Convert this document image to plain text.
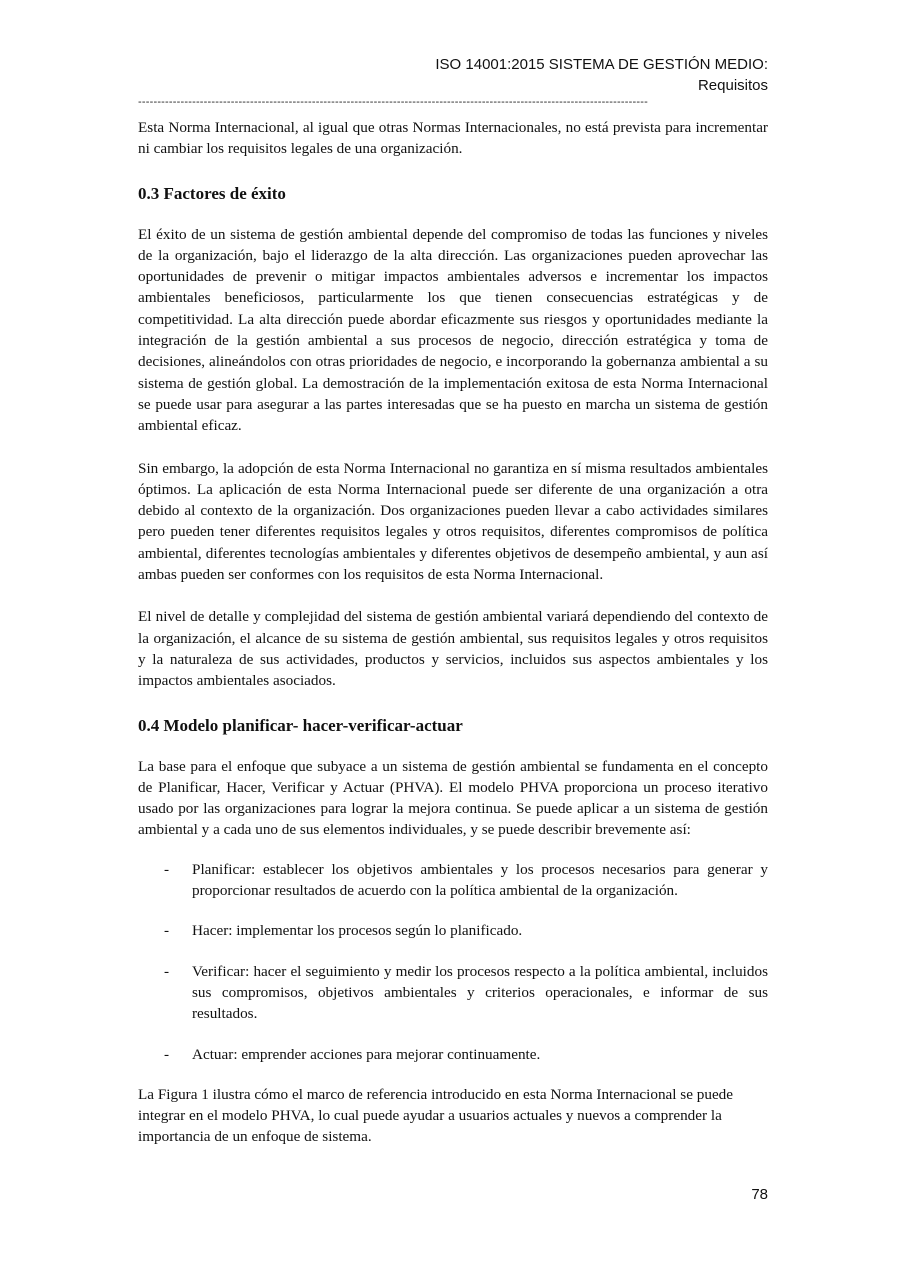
ISO 14001:2015 SISTEMA DE GESTIÓN MEDIO:
Requisitos
------------------------------------------------------------------------------------------------------------------------------------

Esta Norma Internacional, al igual que otras Normas Internacionales, no está prevista para incrementar ni cambiar los requisitos legales de una organización.

0.3 Factores de éxito

El éxito de un sistema de gestión ambiental depende del compromiso de todas las funciones y niveles de la organización, bajo el liderazgo de la alta dirección. Las organizaciones pueden aprovechar las oportunidades de prevenir o mitigar impactos ambientales adversos e incrementar los impactos ambientales beneficiosos, particularmente los que tienen consecuencias estratégicas y de competitividad. La alta dirección puede abordar eficazmente sus riesgos y oportunidades mediante la integración de la gestión ambiental a sus procesos de negocio, dirección estratégica y toma de decisiones, alineándolos con otras prioridades de negocio, e incorporando la gobernanza ambiental a su sistema de gestión global. La demostración de la implementación exitosa de esta Norma Internacional se puede usar para asegurar a las partes interesadas que se ha puesto en marcha un sistema de gestión ambiental eficaz.

Sin embargo, la adopción de esta Norma Internacional no garantiza en sí misma resultados ambientales óptimos. La aplicación de esta Norma Internacional puede ser diferente de una organización a otra debido al contexto de la organización. Dos organizaciones pueden llevar a cabo actividades similares pero pueden tener diferentes requisitos legales y otros requisitos, diferentes compromisos de política ambiental, diferentes tecnologías ambientales y diferentes objetivos de desempeño ambiental, y aun así ambas pueden ser conformes con los requisitos de esta Norma Internacional.

El nivel de detalle y complejidad del sistema de gestión ambiental variará dependiendo del contexto de la organización, el alcance de su sistema de gestión ambiental, sus requisitos legales y otros requisitos y la naturaleza de sus actividades, productos y servicios, incluidos sus aspectos ambientales y los impactos ambientales asociados.

0.4 Modelo planificar- hacer-verificar-actuar

La base para el enfoque que subyace a un sistema de gestión ambiental se fundamenta en el concepto de Planificar, Hacer, Verificar y Actuar (PHVA). El modelo PHVA proporciona un proceso iterativo usado por las organizaciones para lograr la mejora continua. Se puede aplicar a un sistema de gestión ambiental y a cada uno de sus elementos individuales, y se puede describir brevemente así:

- Planificar: establecer los objetivos ambientales y los procesos necesarios para generar y proporcionar resultados de acuerdo con la política ambiental de la organización.
- Hacer: implementar los procesos según lo planificado.
- Verificar: hacer el seguimiento y medir los procesos respecto a la política ambiental, incluidos sus compromisos, objetivos ambientales y criterios operacionales, e informar de sus resultados.
- Actuar: emprender acciones para mejorar continuamente.

La Figura 1 ilustra cómo el marco de referencia introducido en esta Norma Internacional se puede integrar en el modelo PHVA, lo cual puede ayudar a usuarios actuales y nuevos a comprender la importancia de un enfoque de sistema.

78
